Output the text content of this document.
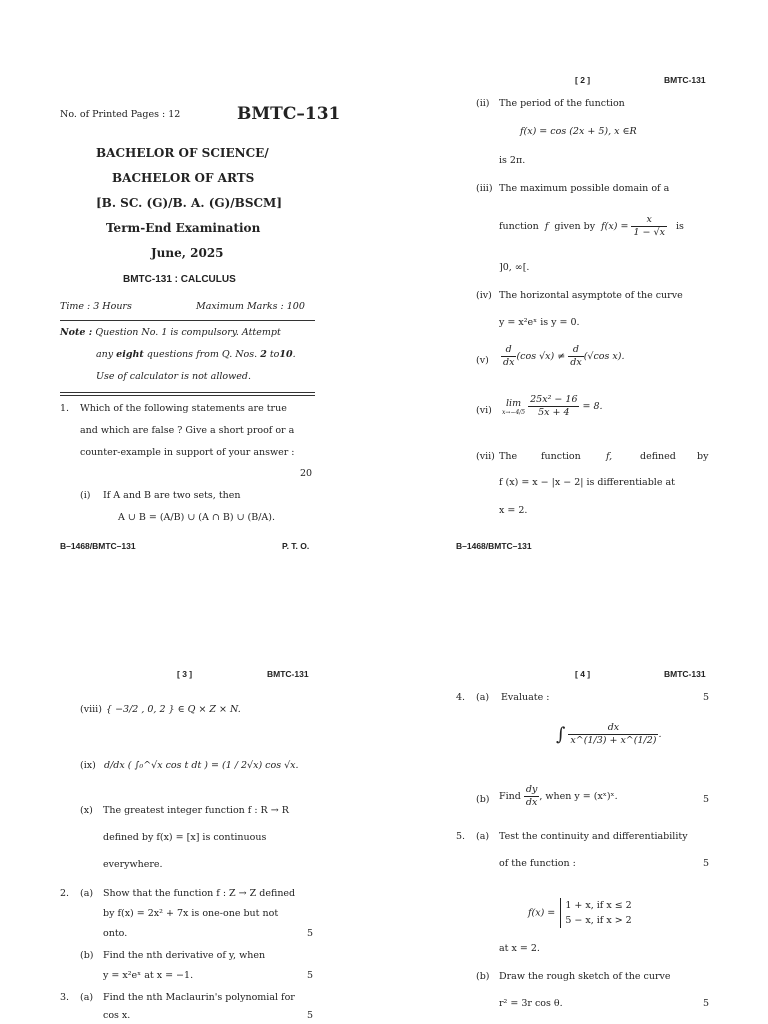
No. of Printed Pages : 12	BMTC–131
BACHELOR OF SCIENCE/
BACHELOR OF ARTS
[B. SC. (G)/B. A. (G)/BSCM]
Term-End Examination
June, 2025
BMTC-131 : CALCULUS
Time : 3 Hours	Maximum Marks : 100
Note : Question No. 1 is compulsory. Attempt
any eight questions from Q. Nos. 2 to10.
Use of calculator is not allowed.
1. Which of the following statements are true
and which are false ? Give a short proof or a
counter-example in support of your answer :
20
(i) If A and B are two sets, then
A ∪ B = (A/B) ∪ (A ∩ B) ∪ (B/A).
B–1468/BMTC–131	P. T. O.
[ 2 ]	BMTC-131
(ii) The period of the function
f(x) = cos (2x + 5), x ∈R
is 2π.
(iii) The maximum possible domain of a
function f given by $f(x) = \frac{x}{1 - √x}$ is
]0, ∞[.
(iv) The horizontal asymptote of the curve
y = x²eˣ is y = 0.
$(v) \frac{d}{dx} (\cos$ $√x) \ne \frac{d}{dx} (√\cos$ x).
(vi)
lim
x→−4/5
$\frac{\text{25x² − 16}}{5x + 4} = 8$.
(vii) The	function	f,	defined by
f (x) = x − |x − 2| is differentiable at
x = 2.
B–1468/BMTC–131
[ 3 ]	BMTC-131
(viii) { −3/2 , 0, 2 } ∈ Q × Z × N.
(ix) d/dx ( ∫₀^√x cos t dt ) = (1 / 2√x) cos √x.
(x) The greatest integer function f : R → R
defined by f(x) = [x] is continuous
everywhere.
2. (a) Show that the function f : Z → Z defined
by f(x) = 2x² + 7x is one-one but not
onto.	5
(b) Find the nth derivative of y, when
y = x²eˣ at x = −1.	5
3. (a) Find the nth Maclaurin's polynomial for
cos x.	5
[ 4 ]	BMTC-131
4. (a) Evaluate :	5
∫ $\frac{dx}{x\^{}(1/3) + x\^{}(1/2)}$ .
(b) Find $\frac{dy}{dx}$ , when y = (xˣ)ˣ.	5
5. (a) Test the continuity and differentiability
of the function :	5
f(x) =
1 + x, if x ≤ 2
5 − x, if x > 2
at x = 2.
(b) Draw the rough sketch of the curve
r² = 3r cos θ.	5
